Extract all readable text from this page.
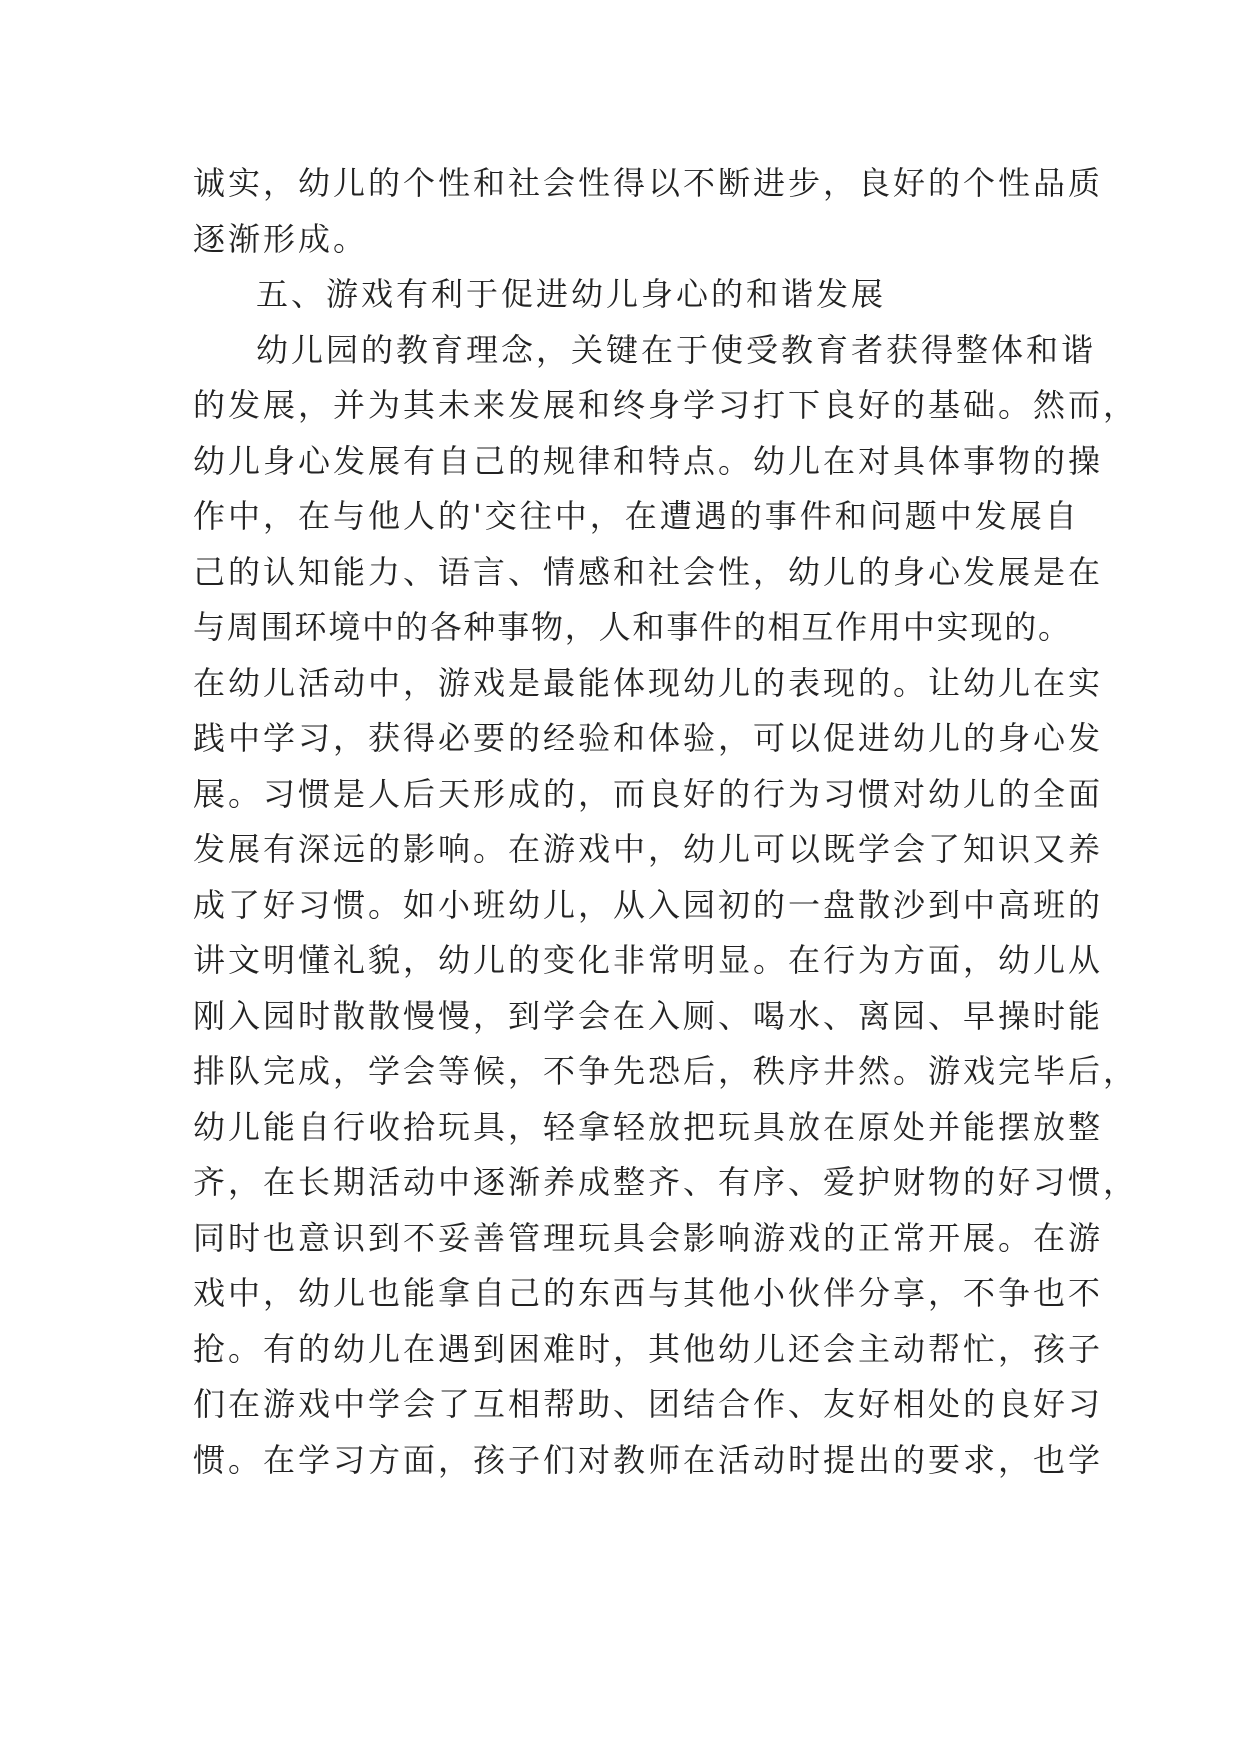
诚实，幼儿的个性和社会性得以不断进步，良好的个性品质
逐渐形成。
五、游戏有利于促进幼儿身心的和谐发展
幼儿园的教育理念，关键在于使受教育者获得整体和谐
的发展，并为其未来发展和终身学习打下良好的基础。然而，
幼儿身心发展有自己的规律和特点。幼儿在对具体事物的操
作中，在与他人的'交往中，在遭遇的事件和问题中发展自
己的认知能力、语言、情感和社会性，幼儿的身心发展是在
与周围环境中的各种事物，人和事件的相互作用中实现的。
在幼儿活动中，游戏是最能体现幼儿的表现的。让幼儿在实
践中学习，获得必要的经验和体验，可以促进幼儿的身心发
展。习惯是人后天形成的，而良好的行为习惯对幼儿的全面
发展有深远的影响。在游戏中，幼儿可以既学会了知识又养
成了好习惯。如小班幼儿，从入园初的一盘散沙到中高班的
讲文明懂礼貌，幼儿的变化非常明显。在行为方面，幼儿从
刚入园时散散慢慢，到学会在入厕、喝水、离园、早操时能
排队完成，学会等候，不争先恐后，秩序井然。游戏完毕后，
幼儿能自行收拾玩具，轻拿轻放把玩具放在原处并能摆放整
齐，在长期活动中逐渐养成整齐、有序、爱护财物的好习惯，
同时也意识到不妥善管理玩具会影响游戏的正常开展。在游
戏中，幼儿也能拿自己的东西与其他小伙伴分享，不争也不
抢。有的幼儿在遇到困难时，其他幼儿还会主动帮忙，孩子
们在游戏中学会了互相帮助、团结合作、友好相处的良好习
惯。在学习方面，孩子们对教师在活动时提出的要求，也学
